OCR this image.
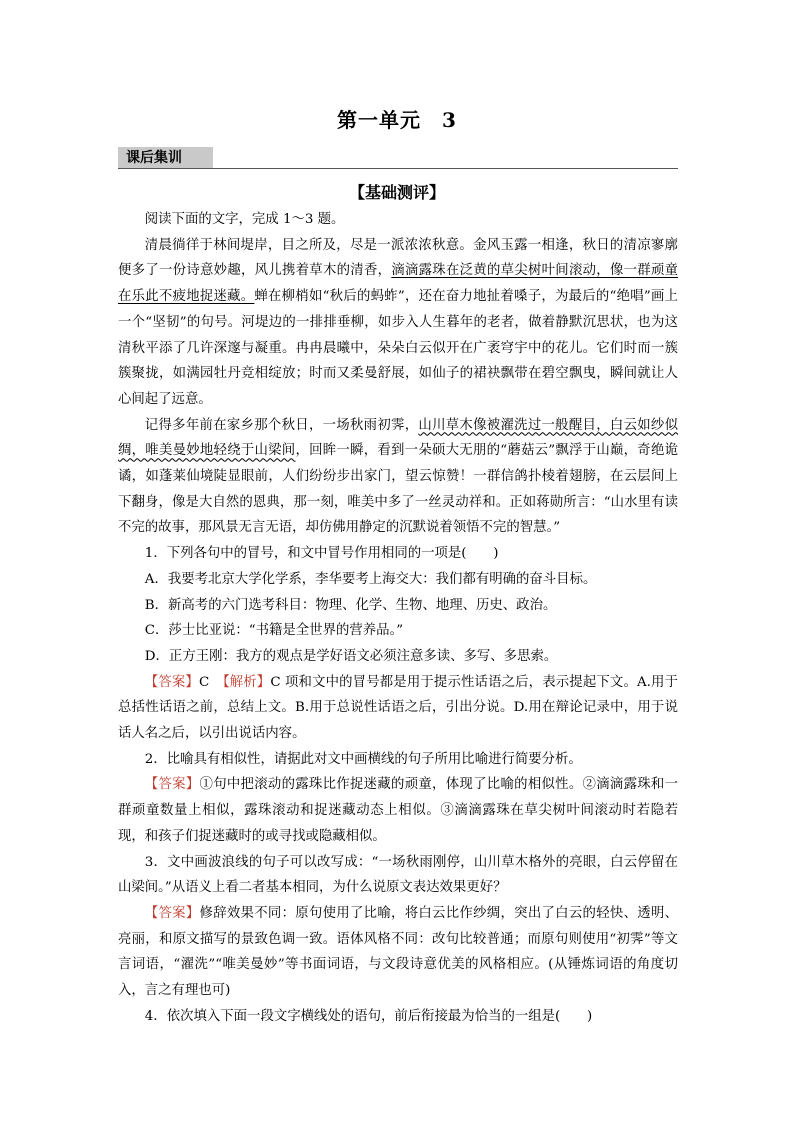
第一单元　3
课后集训
【基础测评】

阅读下面的文字，完成 1～3 题。

清晨徜徉于林间堤岸，目之所及，尽是一派浓浓秋意。金风玉露一相逢，秋日的清凉寥廓便多了一份诗意妙趣，风儿携着草木的清香，滴滴露珠在泛黄的草尖树叶间滚动，像一群顽童在乐此不疲地捉迷藏。蝉在柳梢如“秋后的蚂蚱”，还在奋力地扯着嗓子，为最后的“绝唱”画上一个“坚韧”的句号。河堤边的一排排垂柳，如步入人生暮年的老者，做着静默沉思状，也为这清秋平添了几许深邃与凝重。冉冉晨曦中，朵朵白云似开在广袤穹宇中的花儿。它们时而一簇簇聚拢，如满园牡丹竞相绽放；时而又柔曼舒展，如仙子的裙袂飘带在碧空飘曳，瞬间就让人心间起了远意。

记得多年前在家乡那个秋日，一场秋雨初霁，山川草木像被濯洗过一般醒目，白云如纱似绸，唯美曼妙地轻绕于山梁间，回眸一瞬，看到一朵硕大无朋的“蘑菇云”飘浮于山巅，奇绝诡谲，如蓬莱仙境陡显眼前，人们纷纷步出家门，望云惊赞！一群信鸽扑棱着翅膀，在云层间上下翻身，像是大自然的恩典，那一刻，唯美中多了一丝灵动祥和。正如蒋勋所言：“山水里有读不完的故事，那风景无言无语，却仿佛用静定的沉默说着领悟不完的智慧。”

1．下列各句中的冒号，和文中冒号作用相同的一项是(　　)

A．我要考北京大学化学系，李华要考上海交大：我们都有明确的奋斗目标。

B．新高考的六门选考科目：物理、化学、生物、地理、历史、政治。

C．莎士比亚说：“书籍是全世界的营养品。”

D．正方王刚：我方的观点是学好语文必须注意多读、多写、多思索。

【答案】C　【解析】C 项和文中的冒号都是用于提示性话语之后，表示提起下文。A.用于总括性话语之前，总结上文。B.用于总说性话语之后，引出分说。D.用在辩论记录中，用于说话人名之后，以引出说话内容。

2．比喻具有相似性，请据此对文中画横线的句子所用比喻进行简要分析。

【答案】①句中把滚动的露珠比作捉迷藏的顽童，体现了比喻的相似性。②滴滴露珠和一群顽童数量上相似，露珠滚动和捉迷藏动态上相似。③滴滴露珠在草尖树叶间滚动时若隐若现，和孩子们捉迷藏时的或寻找或隐藏相似。

3．文中画波浪线的句子可以改写成：“一场秋雨刚停，山川草木格外的亮眼，白云停留在山梁间。”从语义上看二者基本相同，为什么说原文表达效果更好？

【答案】修辞效果不同：原句使用了比喻，将白云比作纱绸，突出了白云的轻快、透明、亮丽，和原文描写的景致色调一致。语体风格不同：改句比较普通；而原句则使用“初霁”等文言词语，“濯洗”“唯美曼妙”等书面词语，与文段诗意优美的风格相应。(从锤炼词语的角度切入，言之有理也可)

4．依次填入下面一段文字横线处的语句，前后衔接最为恰当的一组是(　　)
